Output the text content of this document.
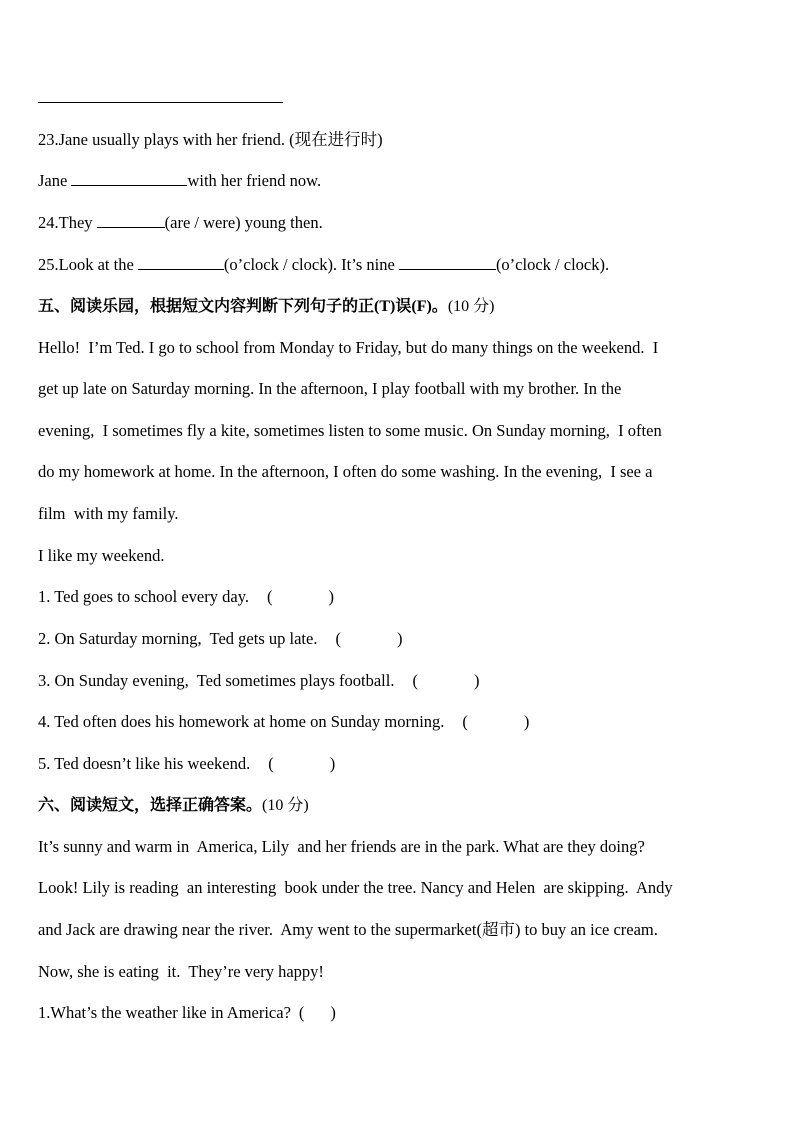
23.Jane usually plays with her friend. (现在进行时)
Jane	with her friend now.
24.They	(are / were) young then.
25.Look at the	(o’clock / clock). It’s nine	(o’clock / clock).
五、阅读乐园，根据短文内容判断下列句子的正(T)误(F)。(10 分)
Hello!  I’m Ted. I go to school from Monday to Friday, but do many things on the weekend.  I
get up late on Saturday morning. In the afternoon, I play football with my brother. In the
evening,  I sometimes fly a kite, sometimes listen to some music. On Sunday morning,  I often
do my homework at home. In the afternoon, I often do some washing. In the evening,  I see a
film  with my family.
I like my weekend.
1. Ted goes to school every day. (	)
2. On Saturday morning,  Ted gets up late. (	)
3. On Sunday evening,  Ted sometimes plays football. (	)
4. Ted often does his homework at home on Sunday morning. (	)
5. Ted doesn’t like his weekend. (	)
六、阅读短文，选择正确答案。(10 分)
It’s sunny and warm in  America, Lily  and her friends are in the park. What are they doing?
Look! Lily is reading  an interesting  book under the tree. Nancy and Helen  are skipping.  Andy
and Jack are drawing near the river.  Amy went to the supermarket(超市) to buy an ice cream.
Now, she is eating  it.  They’re very happy!
1.What’s the weather like in America? ( )
